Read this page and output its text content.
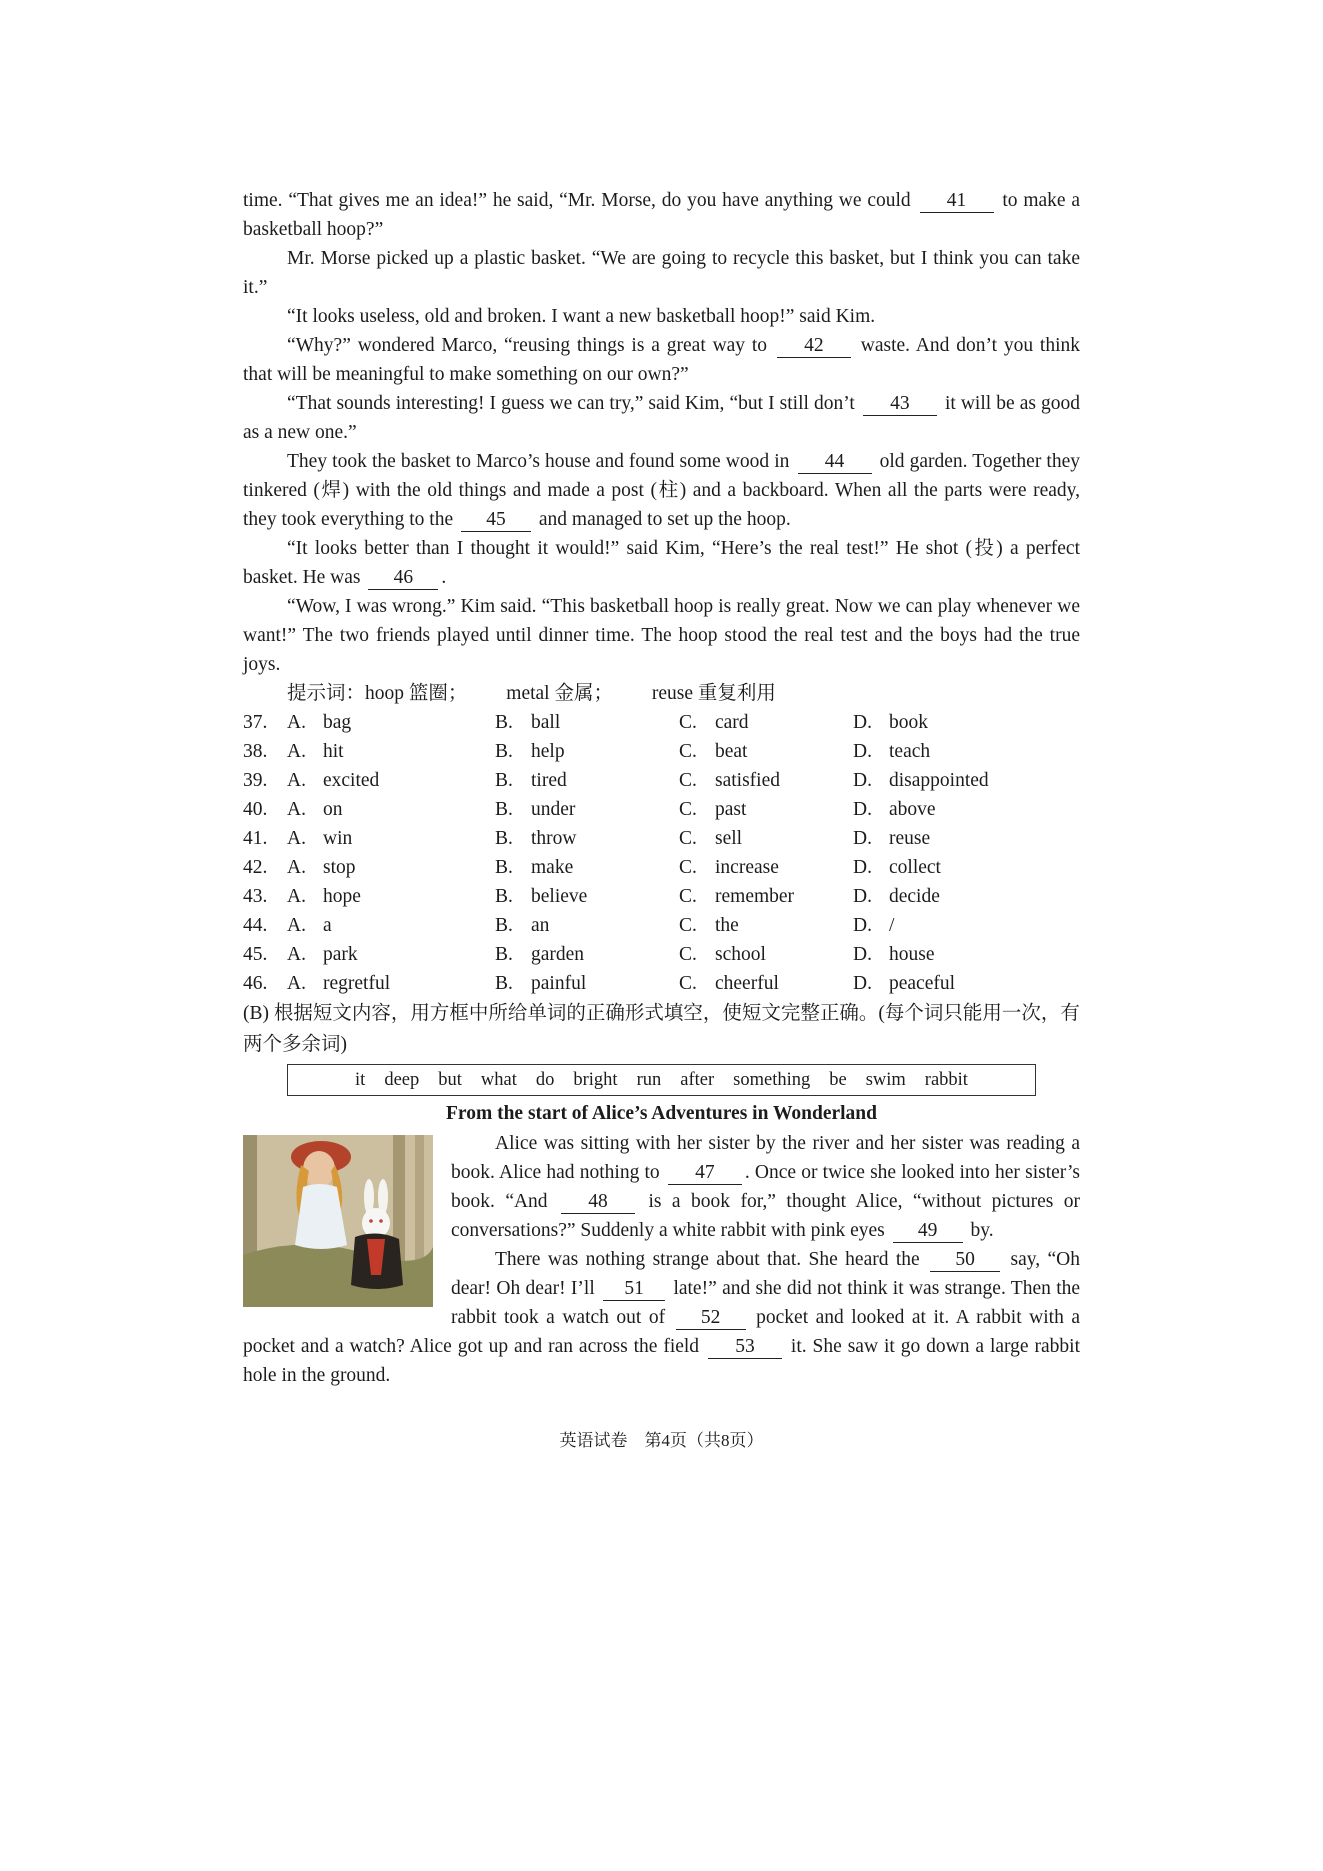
time. “That gives me an idea!” he said, “Mr. Morse, do you have anything we could 41 to make a basketball hoop?”

Mr. Morse picked up a plastic basket. “We are going to recycle this basket, but I think you can take it.”

“It looks useless, old and broken. I want a new basketball hoop!” said Kim.

“Why?” wondered Marco, “reusing things is a great way to 42 waste. And don’t you think that will be meaningful to make something on our own?”

“That sounds interesting! I guess we can try,” said Kim, “but I still don’t 43 it will be as good as a new one.”

They took the basket to Marco’s house and found some wood in 44 old garden. Together they tinkered (焊) with the old things and made a post (柱) and a backboard. When all the parts were ready, they took everything to the 45 and managed to set up the hoop.

“It looks better than I thought it would!” said Kim, “Here’s the real test!” He shot (投) a perfect basket. He was 46 .

“Wow, I was wrong.” Kim said. “This basketball hoop is really great. Now we can play whenever we want!” The two friends played until dinner time. The hoop stood the real test and the boys had the true joys.

提示词：hoop 篮圈； metal 金属； reuse 重复利用
37.	A. bag	B. ball	C. card	D. book
38.	A. hit	B. help	C. beat	D. teach
39.	A. excited	B. tired	C. satisfied	D. disappointed
40.	A. on	B. under	C. past	D. above
41.	A. win	B. throw	C. sell	D. reuse
42.	A. stop	B. make	C. increase	D. collect
43.	A. hope	B. believe	C. remember	D. decide
44.	A. a	B. an	C. the	D. /
45.	A. park	B. garden	C. school	D. house
46.	A. regretful	B. painful	C. cheerful	D. peaceful

(B) 根据短文内容，用方框中所给单词的正确形式填空，使短文完整正确。(每个词只能用一次，有两个多余词)

it deep but what do bright run after something be swim rabbit
From the start of Alice’s Adventures in Wonderland

Alice was sitting with her sister by the river and her sister was reading a book. Alice had nothing to 47 . Once or twice she looked into her sister’s book. “And 48 is a book for,” thought Alice, “without pictures or conversations?” Suddenly a white rabbit with pink eyes 49 by.

There was nothing strange about that. She heard the 50 say, “Oh dear! Oh dear! I’ll 51 late!” and she did not think it was strange. Then the rabbit took a watch out of 52 pocket and looked at it. A rabbit with a pocket and a watch? Alice got up and ran across the field 53 it. She saw it go down a large rabbit hole in the ground.

英语试卷　第4页（共8页）
